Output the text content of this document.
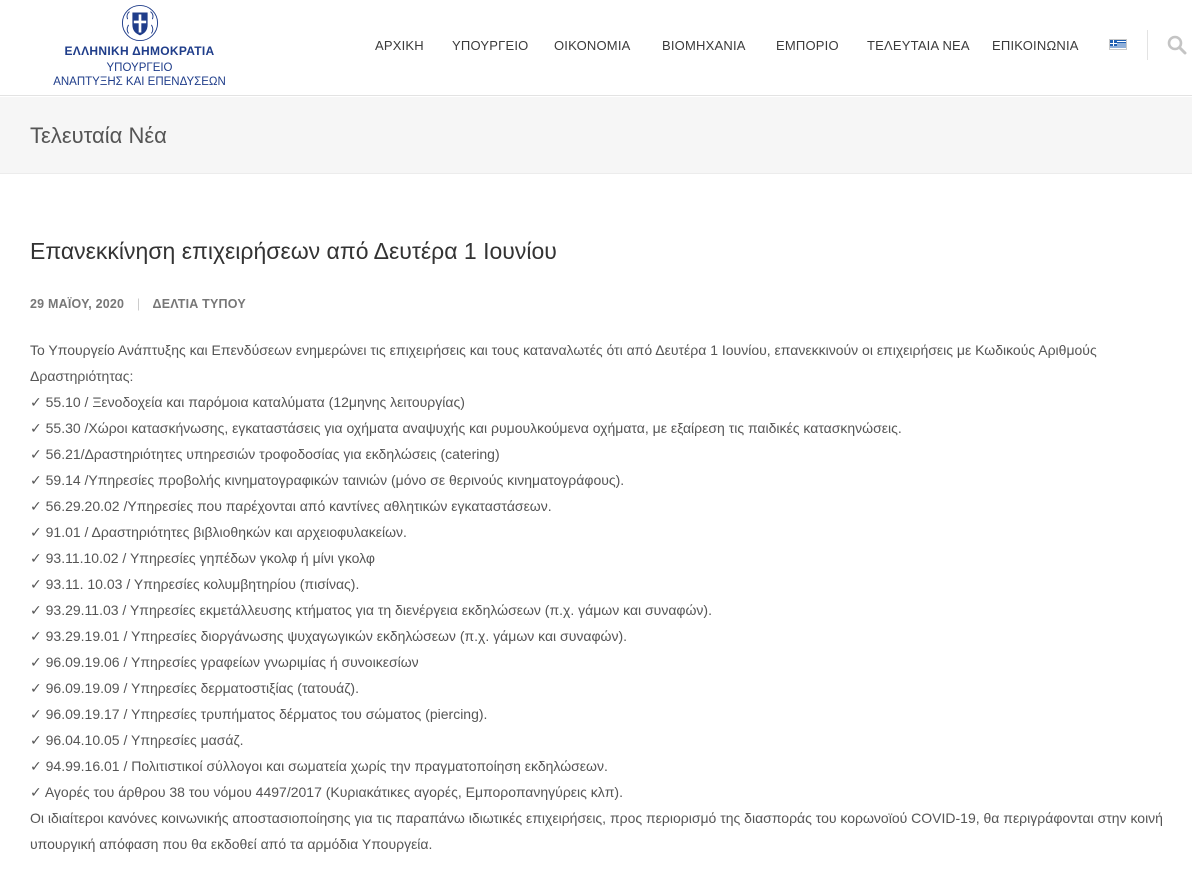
ΕΛΛΗΝΙΚΗ ΔΗΜΟΚΡΑΤΙΑ
ΥΠΟΥΡΓΕΙΟ
ΑΝΑΠΤΥΞΗΣ ΚΑΙ ΕΠΕΝΔΥΣΕΩΝ
ΑΡΧΙΚΗ ΥΠΟΥΡΓΕΙΟ ΟΙΚΟΝΟΜΙΑ ΒΙΟΜΗΧΑΝΙΑ ΕΜΠΟΡΙΟ ΤΕΛΕΥΤΑΙΑ ΝΕΑ ΕΠΙΚΟΙΝΩΝΙΑ
Τελευταία Νέα
Επανεκκίνηση επιχειρήσεων από Δευτέρα 1 Ιουνίου
29 ΜΑΪΟΥ, 2020 | ΔΕΛΤΙΑ ΤΥΠΟΥ

Το Υπουργείο Ανάπτυξης και Επενδύσεων ενημερώνει τις επιχειρήσεις και τους καταναλωτές ότι από Δευτέρα 1 Ιουνίου, επανεκκινούν οι επιχειρήσεις με Κωδικούς Αριθμούς Δραστηριότητας:

✓ 55.10 / Ξενοδοχεία και παρόμοια καταλύματα (12μηνης λειτουργίας)

✓ 55.30 /Χώροι κατασκήνωσης, εγκαταστάσεις για οχήματα αναψυχής και ρυμουλκούμενα οχήματα, με εξαίρεση τις παιδικές κατασκηνώσεις.

✓ 56.21/Δραστηριότητες υπηρεσιών τροφοδοσίας για εκδηλώσεις (catering)

✓ 59.14 /Υπηρεσίες προβολής κινηματογραφικών ταινιών (μόνο σε θερινούς κινηματογράφους).

✓ 56.29.20.02 /Υπηρεσίες που παρέχονται από καντίνες αθλητικών εγκαταστάσεων.

✓ 91.01 / Δραστηριότητες βιβλιοθηκών και αρχειοφυλακείων.

✓ 93.11.10.02 / Υπηρεσίες γηπέδων γκολφ ή μίνι γκολφ

✓ 93.11. 10.03 / Υπηρεσίες κολυμβητηρίου (πισίνας).

✓ 93.29.11.03 / Υπηρεσίες εκμετάλλευσης κτήματος για τη διενέργεια εκδηλώσεων (π.χ. γάμων και συναφών).

✓ 93.29.19.01 / Υπηρεσίες διοργάνωσης ψυχαγωγικών εκδηλώσεων (π.χ. γάμων και συναφών).

✓ 96.09.19.06 / Υπηρεσίες γραφείων γνωριμίας ή συνοικεσίων

✓ 96.09.19.09 / Υπηρεσίες δερματοστιξίας (τατουάζ).

✓ 96.09.19.17 / Υπηρεσίες τρυπήματος δέρματος του σώματος (piercing).

✓ 96.04.10.05 / Υπηρεσίες μασάζ.

✓ 94.99.16.01 / Πολιτιστικοί σύλλογοι και σωματεία χωρίς την πραγματοποίηση εκδηλώσεων.

✓ Αγορές του άρθρου 38 του νόμου 4497/2017 (Κυριακάτικες αγορές, Εμποροπανηγύρεις κλπ).

Οι ιδιαίτεροι κανόνες κοινωνικής αποστασιοποίησης για τις παραπάνω ιδιωτικές επιχειρήσεις, προς περιορισμό της διασποράς του κορωνοϊού COVID-19, θα περιγράφονται στην κοινή υπουργική απόφαση που θα εκδοθεί από τα αρμόδια Υπουργεία.
